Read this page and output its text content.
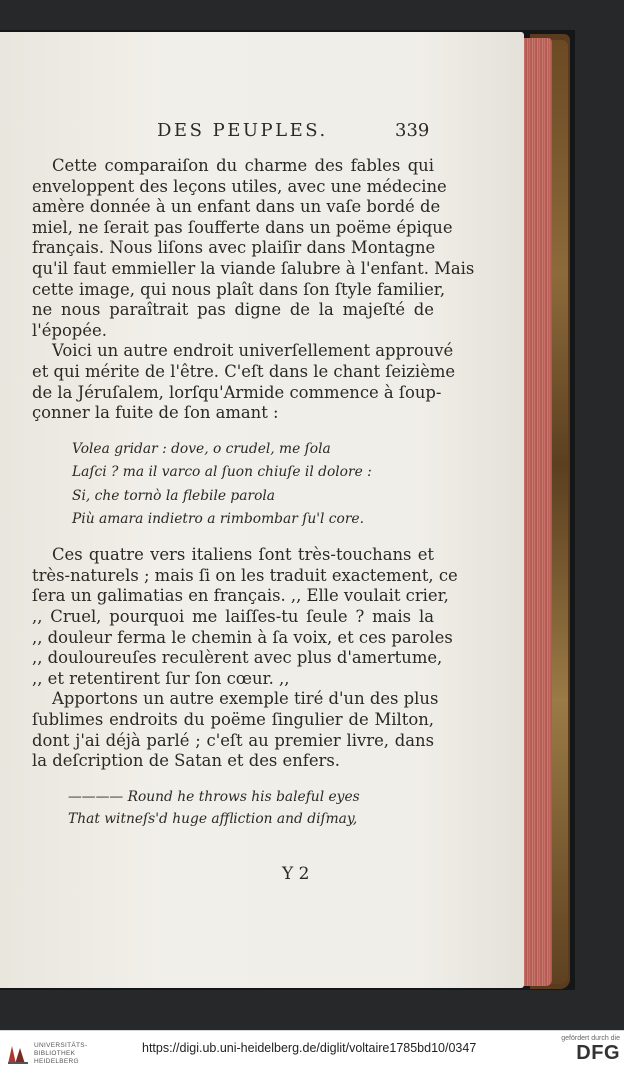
DES PEUPLES.	339
Cette comparaiſon du charme des fables qui
enveloppent des leçons utiles, avec une médecine
amère donnée à un enfant dans un vaſe bordé de
miel, ne ſerait pas ſoufferte dans un poëme épique
français. Nous liſons avec plaiſir dans Montagne
qu'il faut emmieller la viande ſalubre à l'enfant. Mais
cette image, qui nous plaît dans ſon ſtyle familier,
ne nous paraîtrait pas digne de la majeſté de
l'épopée.
Voici un autre endroit univerſellement approuvé
et qui mérite de l'être. C'eſt dans le chant ſeizième
de la Jéruſalem, lorſqu'Armide commence à ſoup-
çonner la fuite de ſon amant :
Volea gridar : dove, o crudel, me ſola
Laſci ? ma il varco al ſuon chiuſe il dolore :
Si, che tornò la flebile parola
Più amara indietro a rimbombar ſu'l core.
Ces quatre vers italiens ſont très-touchans et
très-naturels ; mais ſi on les traduit exactement, ce
ſera un galimatias en français. ,, Elle voulait crier,
,, Cruel, pourquoi me laiſſes-tu ſeule ? mais la
,, douleur ferma le chemin à ſa voix, et ces paroles
,, douloureuſes reculèrent avec plus d'amertume,
,, et retentirent ſur ſon cœur. ,,
Apportons un autre exemple tiré d'un des plus
ſublimes endroits du poëme ſingulier de Milton,
dont j'ai déjà parlé ; c'eſt au premier livre, dans
la deſcription de Satan et des enfers.
———— Round he throws his baleful eyes
That witneſs'd huge affliction and diſmay,
Y 2
UNIVERSITÄTS-
BIBLIOTHEK
HEIDELBERG
https://digi.ub.uni-heidelberg.de/diglit/voltaire1785bd10/0347
gefördert durch die
DFG
